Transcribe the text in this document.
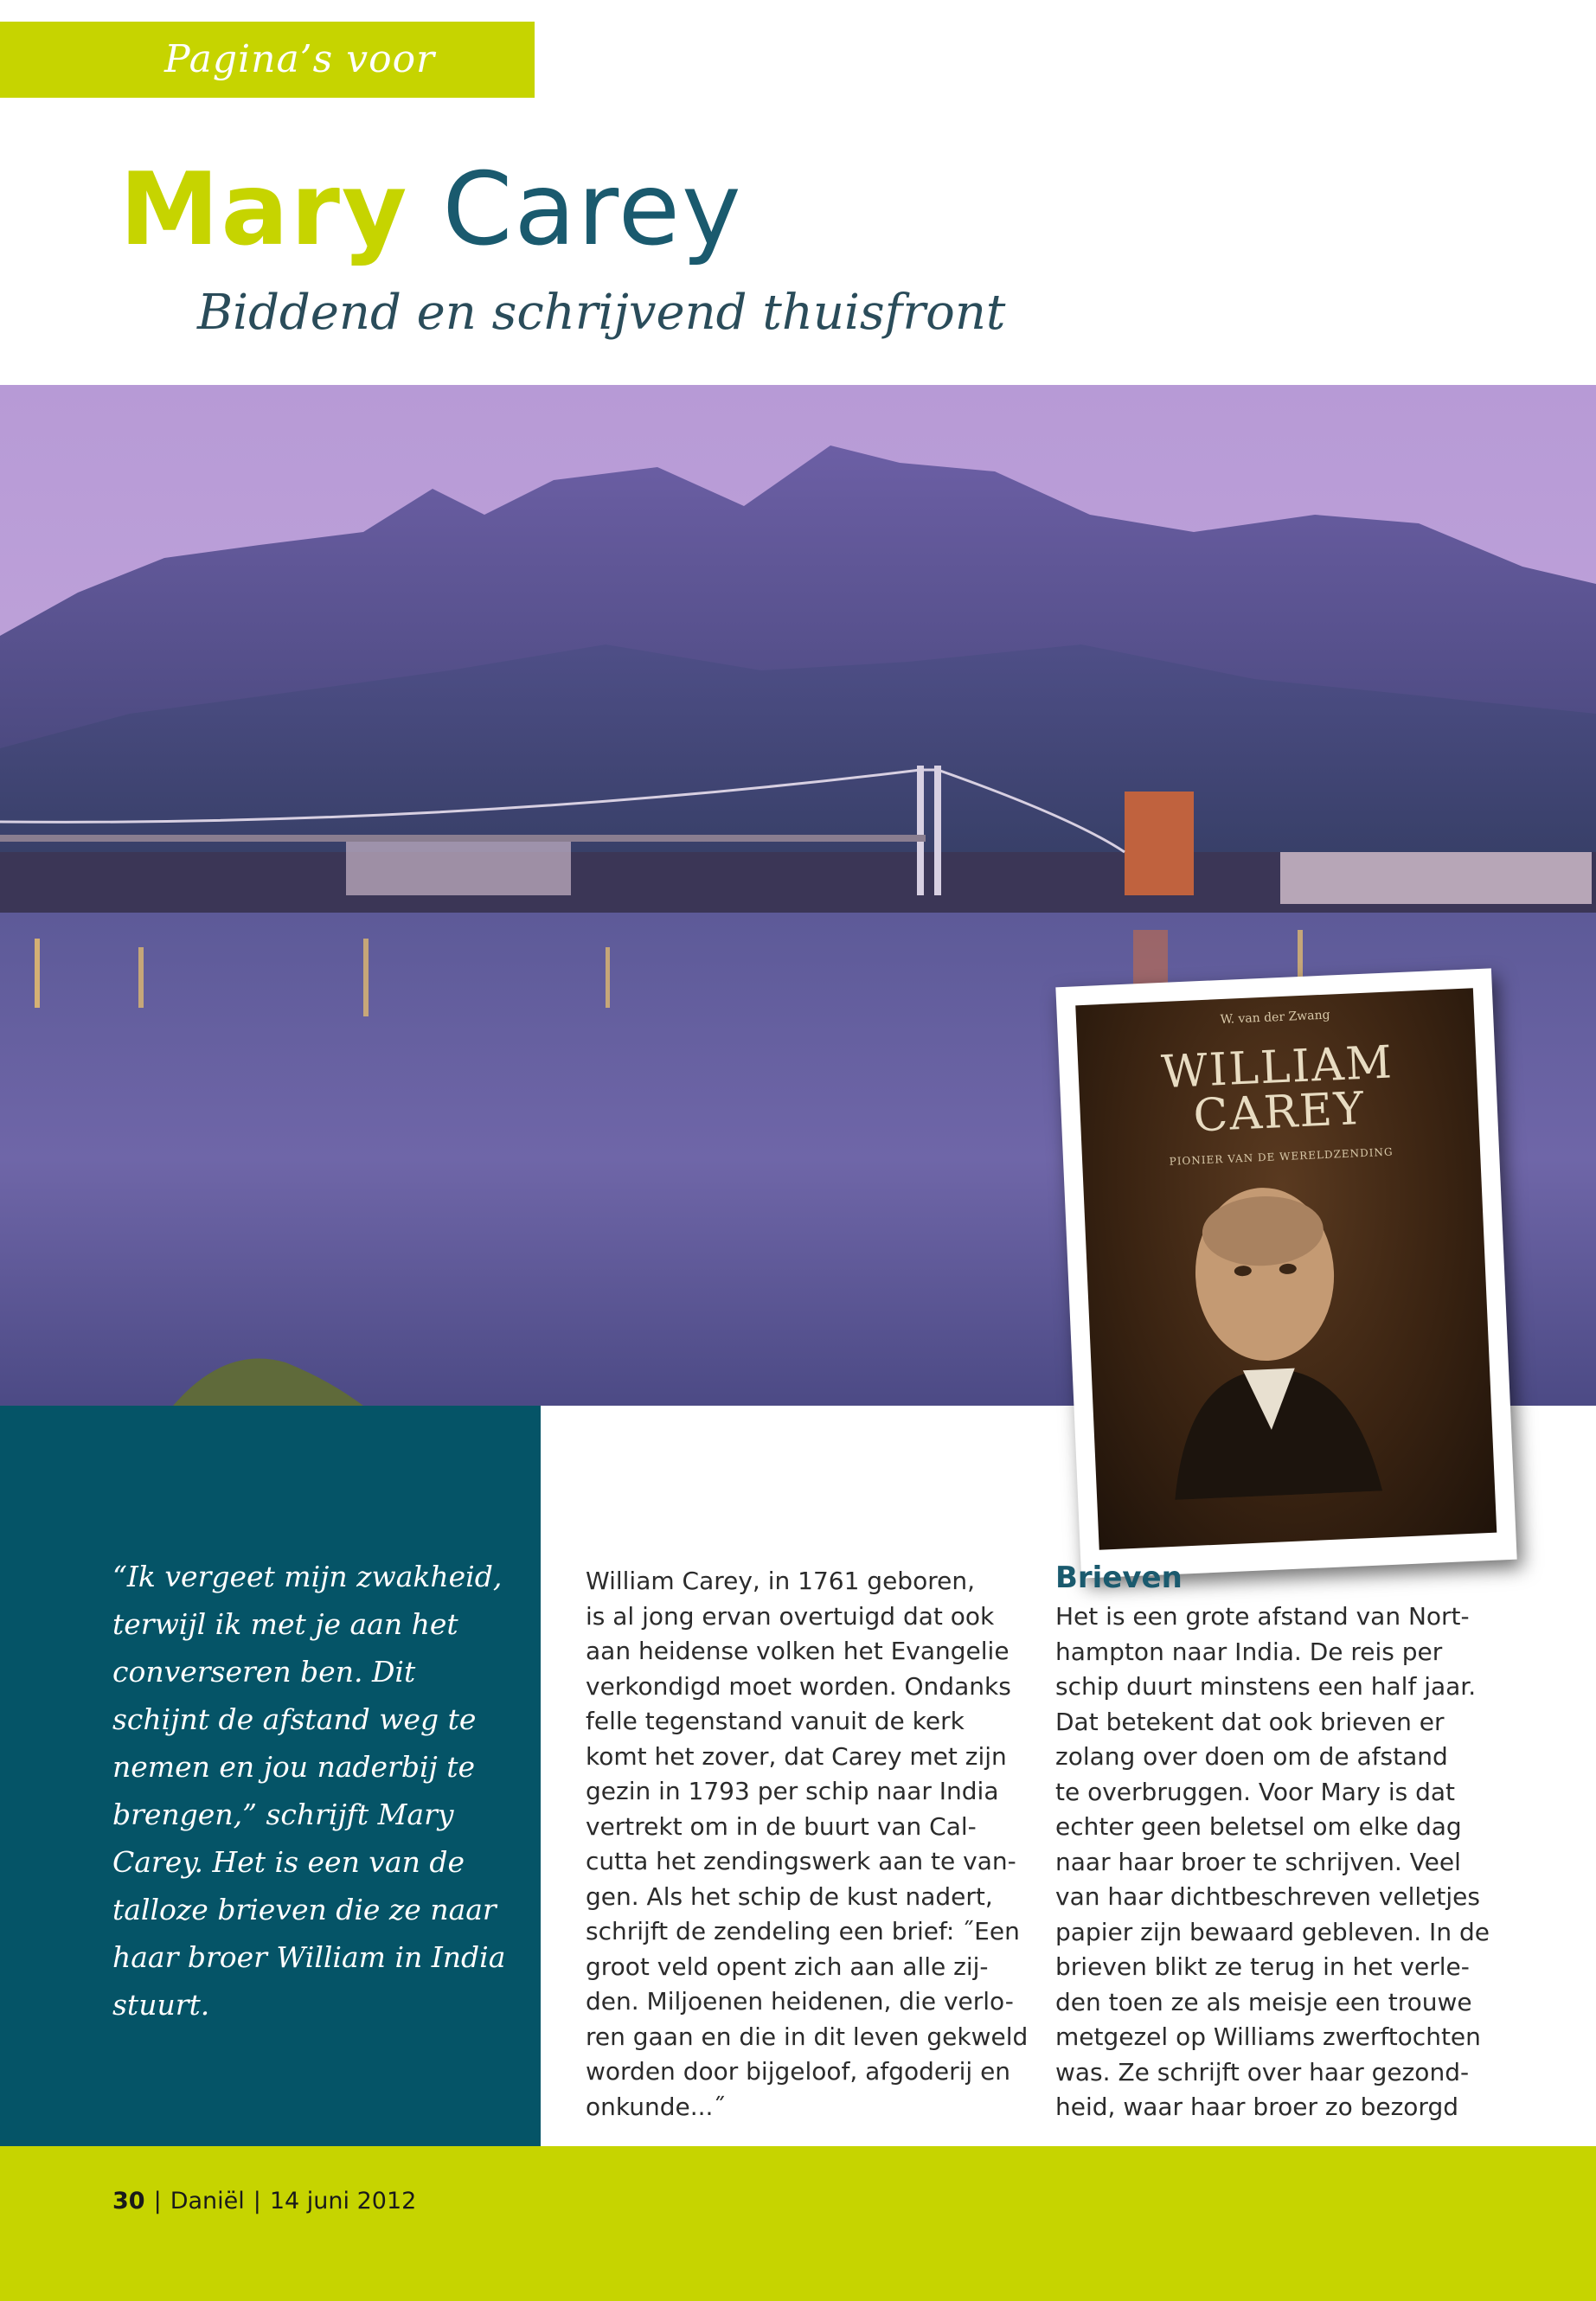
Pagina’s voor haar
Mary Carey
Biddend en schrijvend thuisfront
W. van der Zwang
WILLIAM
CAREY
PIONIER VAN DE WERELDZENDING

“Ik vergeet mijn zwakheid, terwijl ik met je aan het converseren ben. Dit schijnt de afstand weg te nemen en jou naderbij te brengen,” schrijft Mary Carey. Het is een van de talloze brieven die ze naar haar broer William in India stuurt.

William Carey, in 1761 geboren,
is al jong ervan overtuigd dat ook
aan heidense volken het Evangelie
verkondigd moet worden. Ondanks
felle tegenstand vanuit de kerk
komt het zover, dat Carey met zijn
gezin in 1793 per schip naar India
vertrekt om in de buurt van Cal-
cutta het zendingswerk aan te van-
gen. Als het schip de kust nadert,
schrijft de zendeling een brief: ˝Een
groot veld opent zich aan alle zij-
den. Miljoenen heidenen, die verlo-
ren gaan en die in dit leven gekweld
worden door bijgeloof, afgoderij en
onkunde...˝

Brieven

Het is een grote afstand van Nort-
hampton naar India. De reis per
schip duurt minstens een half jaar.
Dat betekent dat ook brieven er
zolang over doen om de afstand
te overbruggen. Voor Mary is dat
echter geen beletsel om elke dag
naar haar broer te schrijven. Veel
van haar dichtbeschreven velletjes
papier zijn bewaard gebleven. In de
brieven blikt ze terug in het verle-
den toen ze als meisje een trouwe
metgezel op Williams zwerftochten
was. Ze schrijft over haar gezond-
heid, waar haar broer zo bezorgd

30 | Daniël | 14 juni 2012
